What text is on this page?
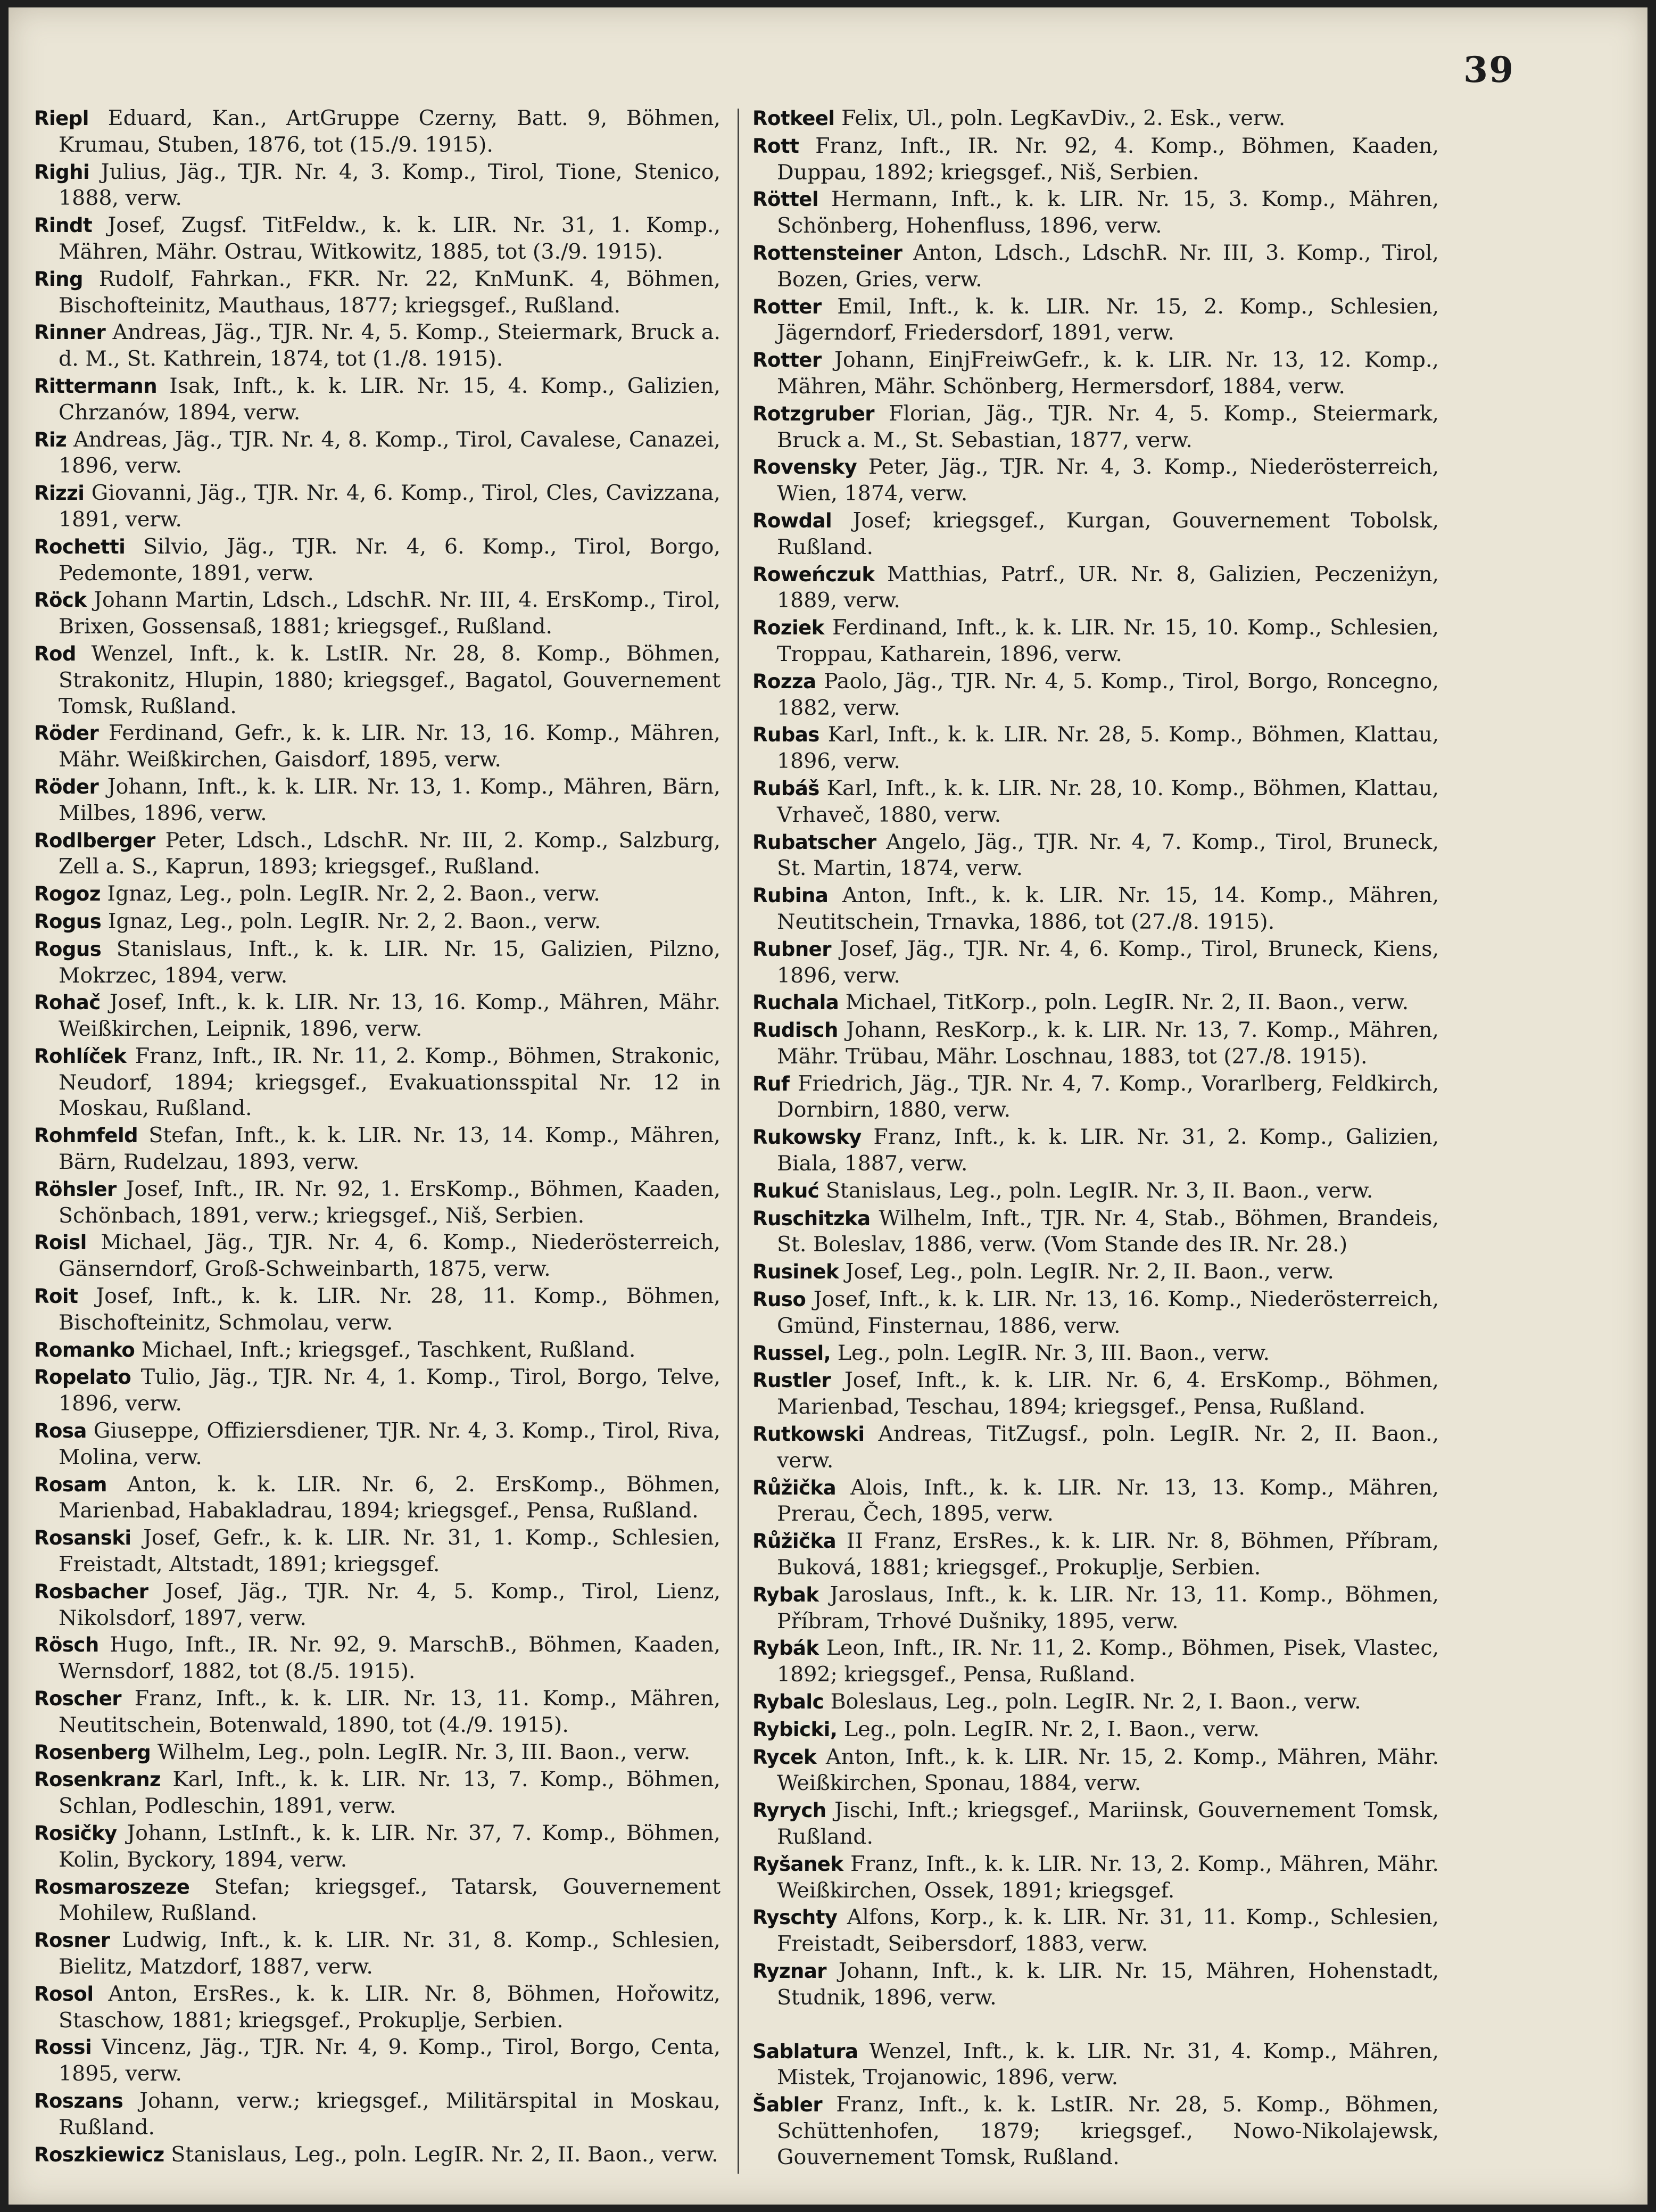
39

Riepl Eduard, Kan., ArtGruppe Czerny, Batt. 9, Böhmen, Krumau, Stuben, 1876, tot (15./9. 1915).

Righi Julius, Jäg., TJR. Nr. 4, 3. Komp., Tirol, Tione, Stenico, 1888, verw.

Rindt Josef, Zugsf. TitFeldw., k. k. LIR. Nr. 31, 1. Komp., Mähren, Mähr. Ostrau, Witkowitz, 1885, tot (3./9. 1915).

Ring Rudolf, Fahrkan., FKR. Nr. 22, KnMunK. 4, Böhmen, Bischofteinitz, Mauthaus, 1877; kriegsgef., Rußland.

Rinner Andreas, Jäg., TJR. Nr. 4, 5. Komp., Steiermark, Bruck a. d. M., St. Kathrein, 1874, tot (1./8. 1915).

Rittermann Isak, Inft., k. k. LIR. Nr. 15, 4. Komp., Galizien, Chrzanów, 1894, verw.

Riz Andreas, Jäg., TJR. Nr. 4, 8. Komp., Tirol, Cavalese, Canazei, 1896, verw.

Rizzi Giovanni, Jäg., TJR. Nr. 4, 6. Komp., Tirol, Cles, Cavizzana, 1891, verw.

Rochetti Silvio, Jäg., TJR. Nr. 4, 6. Komp., Tirol, Borgo, Pedemonte, 1891, verw.

Röck Johann Martin, Ldsch., LdschR. Nr. III, 4. ErsKomp., Tirol, Brixen, Gossensaß, 1881; kriegsgef., Rußland.

Rod Wenzel, Inft., k. k. LstIR. Nr. 28, 8. Komp., Böhmen, Strakonitz, Hlupin, 1880; kriegsgef., Bagatol, Gouvernement Tomsk, Rußland.

Röder Ferdinand, Gefr., k. k. LIR. Nr. 13, 16. Komp., Mähren, Mähr. Weißkirchen, Gaisdorf, 1895, verw.

Röder Johann, Inft., k. k. LIR. Nr. 13, 1. Komp., Mähren, Bärn, Milbes, 1896, verw.

Rodlberger Peter, Ldsch., LdschR. Nr. III, 2. Komp., Salzburg, Zell a. S., Kaprun, 1893; kriegsgef., Rußland.

Rogoz Ignaz, Leg., poln. LegIR. Nr. 2, 2. Baon., verw.

Rogus Ignaz, Leg., poln. LegIR. Nr. 2, 2. Baon., verw.

Rogus Stanislaus, Inft., k. k. LIR. Nr. 15, Galizien, Pilzno, Mokrzec, 1894, verw.

Rohač Josef, Inft., k. k. LIR. Nr. 13, 16. Komp., Mähren, Mähr. Weißkirchen, Leipnik, 1896, verw.

Rohlíček Franz, Inft., IR. Nr. 11, 2. Komp., Böhmen, Strakonic, Neudorf, 1894; kriegsgef., Evakuationsspital Nr. 12 in Moskau, Rußland.

Rohmfeld Stefan, Inft., k. k. LIR. Nr. 13, 14. Komp., Mähren, Bärn, Rudelzau, 1893, verw.

Röhsler Josef, Inft., IR. Nr. 92, 1. ErsKomp., Böhmen, Kaaden, Schönbach, 1891, verw.; kriegsgef., Niš, Serbien.

Roisl Michael, Jäg., TJR. Nr. 4, 6. Komp., Niederösterreich, Gänserndorf, Groß-Schweinbarth, 1875, verw.

Roit Josef, Inft., k. k. LIR. Nr. 28, 11. Komp., Böhmen, Bischofteinitz, Schmolau, verw.

Romanko Michael, Inft.; kriegsgef., Taschkent, Rußland.

Ropelato Tulio, Jäg., TJR. Nr. 4, 1. Komp., Tirol, Borgo, Telve, 1896, verw.

Rosa Giuseppe, Offiziersdiener, TJR. Nr. 4, 3. Komp., Tirol, Riva, Molina, verw.

Rosam Anton, k. k. LIR. Nr. 6, 2. ErsKomp., Böhmen, Marienbad, Habakladrau, 1894; kriegsgef., Pensa, Rußland.

Rosanski Josef, Gefr., k. k. LIR. Nr. 31, 1. Komp., Schlesien, Freistadt, Altstadt, 1891; kriegsgef.

Rosbacher Josef, Jäg., TJR. Nr. 4, 5. Komp., Tirol, Lienz, Nikolsdorf, 1897, verw.

Rösch Hugo, Inft., IR. Nr. 92, 9. MarschB., Böhmen, Kaaden, Wernsdorf, 1882, tot (8./5. 1915).

Roscher Franz, Inft., k. k. LIR. Nr. 13, 11. Komp., Mähren, Neutitschein, Botenwald, 1890, tot (4./9. 1915).

Rosenberg Wilhelm, Leg., poln. LegIR. Nr. 3, III. Baon., verw.

Rosenkranz Karl, Inft., k. k. LIR. Nr. 13, 7. Komp., Böhmen, Schlan, Podleschin, 1891, verw.

Rosičky Johann, LstInft., k. k. LIR. Nr. 37, 7. Komp., Böhmen, Kolin, Byckory, 1894, verw.

Rosmaroszeze Stefan; kriegsgef., Tatarsk, Gouvernement Mohilew, Rußland.

Rosner Ludwig, Inft., k. k. LIR. Nr. 31, 8. Komp., Schlesien, Bielitz, Matzdorf, 1887, verw.

Rosol Anton, ErsRes., k. k. LIR. Nr. 8, Böhmen, Hořowitz, Staschow, 1881; kriegsgef., Prokuplje, Serbien.

Rossi Vincenz, Jäg., TJR. Nr. 4, 9. Komp., Tirol, Borgo, Centa, 1895, verw.

Roszans Johann, verw.; kriegsgef., Militärspital in Moskau, Rußland.

Roszkiewicz Stanislaus, Leg., poln. LegIR. Nr. 2, II. Baon., verw.

Rotkeel Felix, Ul., poln. LegKavDiv., 2. Esk., verw.

Rott Franz, Inft., IR. Nr. 92, 4. Komp., Böhmen, Kaaden, Duppau, 1892; kriegsgef., Niš, Serbien.

Röttel Hermann, Inft., k. k. LIR. Nr. 15, 3. Komp., Mähren, Schönberg, Hohenfluss, 1896, verw.

Rottensteiner Anton, Ldsch., LdschR. Nr. III, 3. Komp., Tirol, Bozen, Gries, verw.

Rotter Emil, Inft., k. k. LIR. Nr. 15, 2. Komp., Schlesien, Jägerndorf, Friedersdorf, 1891, verw.

Rotter Johann, EinjFreiwGefr., k. k. LIR. Nr. 13, 12. Komp., Mähren, Mähr. Schönberg, Hermersdorf, 1884, verw.

Rotzgruber Florian, Jäg., TJR. Nr. 4, 5. Komp., Steiermark, Bruck a. M., St. Sebastian, 1877, verw.

Rovensky Peter, Jäg., TJR. Nr. 4, 3. Komp., Niederösterreich, Wien, 1874, verw.

Rowdal Josef; kriegsgef., Kurgan, Gouvernement Tobolsk, Rußland.

Roweńczuk Matthias, Patrf., UR. Nr. 8, Galizien, Peczeniżyn, 1889, verw.

Roziek Ferdinand, Inft., k. k. LIR. Nr. 15, 10. Komp., Schlesien, Troppau, Katharein, 1896, verw.

Rozza Paolo, Jäg., TJR. Nr. 4, 5. Komp., Tirol, Borgo, Roncegno, 1882, verw.

Rubas Karl, Inft., k. k. LIR. Nr. 28, 5. Komp., Böhmen, Klattau, 1896, verw.

Rubáš Karl, Inft., k. k. LIR. Nr. 28, 10. Komp., Böhmen, Klattau, Vrhaveč, 1880, verw.

Rubatscher Angelo, Jäg., TJR. Nr. 4, 7. Komp., Tirol, Bruneck, St. Martin, 1874, verw.

Rubina Anton, Inft., k. k. LIR. Nr. 15, 14. Komp., Mähren, Neutitschein, Trnavka, 1886, tot (27./8. 1915).

Rubner Josef, Jäg., TJR. Nr. 4, 6. Komp., Tirol, Bruneck, Kiens, 1896, verw.

Ruchala Michael, TitKorp., poln. LegIR. Nr. 2, II. Baon., verw.

Rudisch Johann, ResKorp., k. k. LIR. Nr. 13, 7. Komp., Mähren, Mähr. Trübau, Mähr. Loschnau, 1883, tot (27./8. 1915).

Ruf Friedrich, Jäg., TJR. Nr. 4, 7. Komp., Vorarlberg, Feldkirch, Dornbirn, 1880, verw.

Rukowsky Franz, Inft., k. k. LIR. Nr. 31, 2. Komp., Galizien, Biala, 1887, verw.

Rukuć Stanislaus, Leg., poln. LegIR. Nr. 3, II. Baon., verw.

Ruschitzka Wilhelm, Inft., TJR. Nr. 4, Stab., Böhmen, Brandeis, St. Boleslav, 1886, verw. (Vom Stande des IR. Nr. 28.)

Rusinek Josef, Leg., poln. LegIR. Nr. 2, II. Baon., verw.

Ruso Josef, Inft., k. k. LIR. Nr. 13, 16. Komp., Niederösterreich, Gmünd, Finsternau, 1886, verw.

Russel, Leg., poln. LegIR. Nr. 3, III. Baon., verw.

Rustler Josef, Inft., k. k. LIR. Nr. 6, 4. ErsKomp., Böhmen, Marienbad, Teschau, 1894; kriegsgef., Pensa, Rußland.

Rutkowski Andreas, TitZugsf., poln. LegIR. Nr. 2, II. Baon., verw.

Růžička Alois, Inft., k. k. LIR. Nr. 13, 13. Komp., Mähren, Prerau, Čech, 1895, verw.

Růžička II Franz, ErsRes., k. k. LIR. Nr. 8, Böhmen, Příbram, Buková, 1881; kriegsgef., Prokuplje, Serbien.

Rybak Jaroslaus, Inft., k. k. LIR. Nr. 13, 11. Komp., Böhmen, Příbram, Trhové Dušniky, 1895, verw.

Rybák Leon, Inft., IR. Nr. 11, 2. Komp., Böhmen, Pisek, Vlastec, 1892; kriegsgef., Pensa, Rußland.

Rybalc Boleslaus, Leg., poln. LegIR. Nr. 2, I. Baon., verw.

Rybicki, Leg., poln. LegIR. Nr. 2, I. Baon., verw.

Rycek Anton, Inft., k. k. LIR. Nr. 15, 2. Komp., Mähren, Mähr. Weißkirchen, Sponau, 1884, verw.

Ryrych Jischi, Inft.; kriegsgef., Mariinsk, Gouvernement Tomsk, Rußland.

Ryšanek Franz, Inft., k. k. LIR. Nr. 13, 2. Komp., Mähren, Mähr. Weißkirchen, Ossek, 1891; kriegsgef.

Ryschty Alfons, Korp., k. k. LIR. Nr. 31, 11. Komp., Schlesien, Freistadt, Seibersdorf, 1883, verw.

Ryznar Johann, Inft., k. k. LIR. Nr. 15, Mähren, Hohenstadt, Studnik, 1896, verw.

Sablatura Wenzel, Inft., k. k. LIR. Nr. 31, 4. Komp., Mähren, Mistek, Trojanowic, 1896, verw.

Šabler Franz, Inft., k. k. LstIR. Nr. 28, 5. Komp., Böhmen, Schüttenhofen, 1879; kriegsgef., Nowo-Nikolajewsk, Gouvernement Tomsk, Rußland.
